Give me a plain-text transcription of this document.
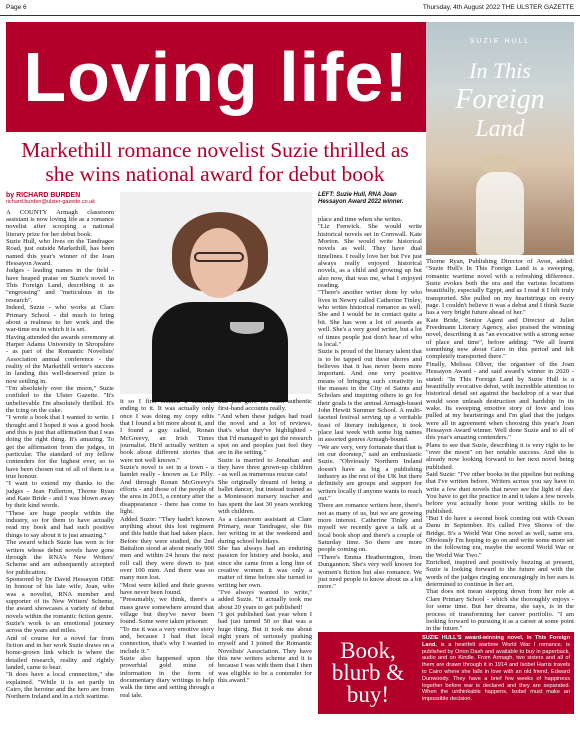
Page 6	Thursday, 4th August 2022 THE ULSTER GAZETTE
Loving life!	SUZIE HULL
In This
Foreign
Land
Markethill romance novelist Suzie thrilled as she wins national award for debut book
by RICHARD BURDEN
richard.burden@ulster-gazette.co.uk

A COUNTY Armagh classroom assistant is now loving life as a romance novelist after scooping a national literary prize for her debut book.

Suzie Hull, who lives on the Tandragee Road, just outside Markethill, has been named this year's winner of the Joan Hessayon Award.

Judges - leading names in the field - have heaped praise on Suzie's novel In This Foreign Land, describing it as "engrossing" and "meticulous in its research".

Indeed, Suzie - who works at Clare Primary School - did much to bring about a realness to her work and the war-time era in which it is set.

Having attended the awards ceremony at Harper Adams University in Shropshire - as part of the Romantic Novelists' Association annual conference - the reality of the Markethill writer's success in landing this well-deserved prize is now settling in.

"I'm absolutely over the moon," Suzie confided to the Ulster Gazette. "It's unbelievable I'm absolutely thrilled. It's the icing on the cake.

"I wrote a book that I wanted to write. I thought and I hoped it was a good book and this is just that affirmation that I was doing the right thing. It's amazing. To get the affirmation from the judges, in particular. The standard of my fellow contenders for the highest ever, so to have been chosen out of all of them is a true honour.

"I want to extend my thanks to the judges - Jean Fullerton, Thorne Ryan and Kate Bride - and I was blown away by their kind words.

"These are huge people within the industry, so for them to have actually read my book and had such positive things to say about it is just amazing."

The award which Suzie has won is for writers whose debut novels have gone through the RNA's New Writers' Scheme and are subsequently accepted for publication.

Sponsored by Dr David Hessayon OBE in honour of his late wife, Joan, who was a novelist, RNA member and supporter of its New Writers' Scheme, the award showcases a variety of debut novels within the romantic fiction genre.

Suzie's work is an emotional journey across the years and miles.

And of course for a novel far from fiction and in her work Suzie draws on a home-grown link which is where the detailed research, reality and rightly landed, came to bear.

"It does have a local connection," she explained. "While it is set partly in Cairo, the heroine and the hero are from Northern Ireland and in a rich wartime.

it so I first created a fictional ending to it. It was actually only once I was doing my copy edits that I found a bit more about it, and I found a guy called, Ronan McGreevy, an Irish Times journalist. He'd actually written a book about different stories that were not well known."

Suzie's novel is set in a town - a hamlet really - known as Le Pilly. And through Ronan McGreevy's efforts - and those of the people of the area in 2013, a century after the disappearance - there has come to light.

Added Suzie: "They hadn't known anything about this lost regiment and this battle that had taken place. Before they were studied, the 2nd Battalion stood at about nearly 900 men and within 24 hours the next roll call they were down to just over 100 men. And there was so many men lost.

"Most were killed and their graves have never been found.

"Presumably, we think, there's a mass grave somewhere around that village but they've never been found. Some were taken prisoner.

"To me it was a very emotive story and, because I had that local connection, that's why I wanted to include it."

Suzie also happened upon the proverbial gold mine of information in the form of documentary diary writings to help walk the time and setting through a real tale.

that just gave me such authentic first-hand accounts really.

"And when these judges had read the novel and a lot of reviews, that's what they've highlighted - that I'd managed to get the research spot on and peoples just feel they are in the setting."

Suzie is married to Jonathan and they have three grown-up children - as well as numerous rescue cats!

She originally dreamt of being a ballet dancer, but instead trained as a Montessori nursery teacher and has spent the last 30 years working with children.

As a classroom assistant at Clare Primary, near Tandragee, she fits her writing in at the weekend and during school holidays.

She has always had an enduring passion for history and books, and since she came from a long line of creative women it was only a matter of time before she turned to writing her own.

"I've always wanted to write," added Suzie. "It actually took me about 20 years to get published!

"I got published last year when I had just turned 50 so that was a huge thing. But it took me about eight years of seriously pushing myself and I joined the Romantic Novelists' Association. They have this new writers scheme and it is because I was with them that I then was eligible to be a contender for this award."

LEFT: Suzie Hull, RNA Joan Hessayon Award 2022 winner.

place and time when she writes.

"Liz Fenwick. She would write historical novels set in Cornwall. Kate Morton. She would write historical novels as well. They have dual timelines. I really love her but I've just always really enjoyed historical novels, as a child and growing up but also now, that was me, what I enjoyed reading.

"There's another writer done by who lives in Newry called Catherine Tinley, who writes historical romance as well. She and I would be in contact quite a bit. She has won a lot of awards as well. She's a very good writer, but a lot of times people just don't hear of who is local."

Suzie is proud of the literary talent that is to be tapped out these shores and believes that it has never been more important. And one very positive means of bringing such creativity in the masses in the City of Saints and Scholars and inspiring others to go for their goals is the annual Armagh-based John Hewitt Summer School. A multi-faceted festival serving up a veritable feast of literary indulgence, it took place last week with some big names in assorted genres Armagh-bound.

"We are very, very fortunate that that is on our doorstep," said an enthusiastic Suzie. "Obviously Northern Ireland doesn't have as big a publishing industry as the rest of the UK but there definitely are groups and support for writers locally if anyone wants to reach out."

There are romance writers here, there's not as many of us, but we are growing more interest. Catherine Tinley and myself we recently gave a talk at a local book shop and there's a couple of Saturday time. So there are more people coming on.

"There's Emma Heatherington, from Dungannon. She's very well known for women's fiction but also romance. We just need people to know about us a bit more."

Thorne Ryan, Publishing Director of Avon, added: "Suzie Hull's In This Foreign Land is a sweeping, romantic wartime novel with a refreshing difference. Suzie evokes both the era and the various locations beautifully, especially Egypt, and as I read it I felt truly transported. She pulled on my heartstrings on every page. I couldn't believe it was a debut and I think Suzie has a very bright future ahead of her."

Kate Bride, Senior Agent and Director at Juliet Freedmann Literary Agency, also praised the winning novel, describing it as "an evocative with a strong sense of place and time", before adding: "We all learnt something new about Cairo in this period and felt completely transported there."

Finally, Melissa Oliver, the organiser of the Joan Hessayon Award - and said award's winner in 2020 - stated: "In This Foreign Land by Suzie Hull is a beautifully evocative debut, with incredible attention to historical detail set against the backdrop of a war that would soon unleash destruction and hardship in its wake. Its sweeping emotive story of love and loss pulled at my heartstrings and I'm glad that the judges were all in agreement when choosing this year's Joan Hessayon Award winner. Well done Suzie and to all of this year's amazing contenders."

Plans to see that Suzie, describing it is very right to be "over the moon" on her notable success. And she is already now looking forward to her next novel being published.

Said Suzie: "I've other books in the pipeline but nothing that I've written before. Writers across you say have to write a few duet novels that never see the light of day. You have to get the practice in and it takes a few novels before you actually hone your writing skills to be published.

"But I do have a second book coming out with Ocean Danu in September. It's called Five Shores of the Bridge. It's a World War One novel as well, same era. Obviously I'm hoping to go on and write some more set in the following era, maybe the second World War or the World War Two."

Enriched, inspired and positively buzzing at present, Suzie is looking forward to the future and with the words of the judges ringing encouragingly in her ears is determined to continue in her art.

That does not mean stepping down from her role at Clare Primary School - which she thoroughly enjoys - for some time. But her dreams, she says, is in the process of transforming her career portfolio. "I am looking forward to pursuing it as a career at some point in the future."

Book, blurb & buy!
SUZIE HULL'S award-winning novel, In This Foreign Land, is a heartfelt wartime World War I romance, is published by Orion Dash and available to buy in paperback, audio and on Kindle. From Armagh, two sisters and all of them are drawn through it in 1914 and Isobel Harris travels to Cairo where she falls in love with an old friend, Edward Dunwoody. They have a brief few weeks of happiness together before war is declared and they are separated. When the unthinkable happens, Isobel must make an impossible decision.
